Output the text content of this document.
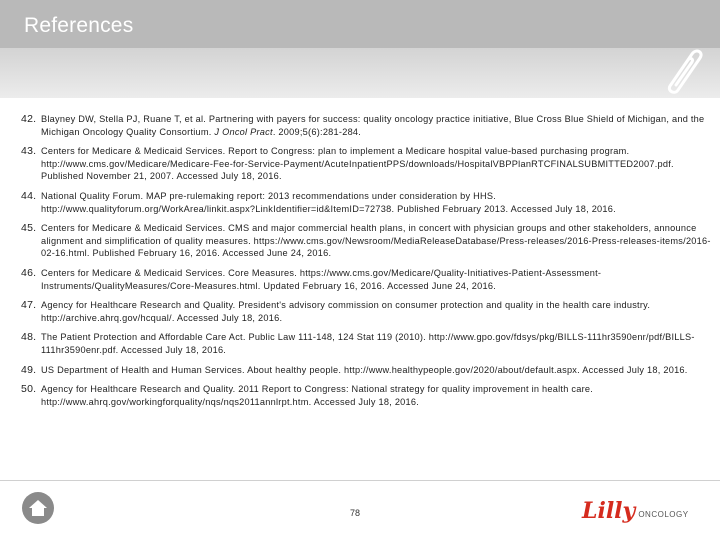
References
42. Blayney DW, Stella PJ, Ruane T, et al. Partnering with payers for success: quality oncology practice initiative, Blue Cross Blue Shield of Michigan, and the Michigan Oncology Quality Consortium. J Oncol Pract. 2009;5(6):281-284.
43. Centers for Medicare & Medicaid Services. Report to Congress: plan to implement a Medicare hospital value-based purchasing program. http://www.cms.gov/Medicare/Medicare-Fee-for-Service-Payment/AcuteInpatientPPS/downloads/HospitalVBPPlanRTCFINALSUBMITTED2007.pdf. Published November 21, 2007. Accessed July 18, 2016.
44. National Quality Forum. MAP pre-rulemaking report: 2013 recommendations under consideration by HHS. http://www.qualityforum.org/WorkArea/linkit.aspx?LinkIdentifier=id&ItemID=72738. Published February 2013. Accessed July 18, 2016.
45. Centers for Medicare & Medicaid Services. CMS and major commercial health plans, in concert with physician groups and other stakeholders, announce alignment and simplification of quality measures. https://www.cms.gov/Newsroom/MediaReleaseDatabase/Press-releases/2016-Press-releases-items/2016-02-16.html. Published February 16, 2016. Accessed June 24, 2016.
46. Centers for Medicare & Medicaid Services. Core Measures. https://www.cms.gov/Medicare/Quality-Initiatives-Patient-Assessment-Instruments/QualityMeasures/Core-Measures.html. Updated February 16, 2016. Accessed June 24, 2016.
47. Agency for Healthcare Research and Quality. President's advisory commission on consumer protection and quality in the health care industry. http://archive.ahrq.gov/hcqual/. Accessed July 18, 2016.
48. The Patient Protection and Affordable Care Act. Public Law 111-148, 124 Stat 119 (2010). http://www.gpo.gov/fdsys/pkg/BILLS-111hr3590enr/pdf/BILLS-111hr3590enr.pdf. Accessed July 18, 2016.
49. US Department of Health and Human Services. About healthy people. http://www.healthypeople.gov/2020/about/default.aspx. Accessed July 18, 2016.
50. Agency for Healthcare Research and Quality. 2011 Report to Congress: National strategy for quality improvement in health care. http://www.ahrq.gov/workingforquality/nqs/nqs2011annlrpt.htm. Accessed July 18, 2016.
78	Lilly ONCOLOGY
